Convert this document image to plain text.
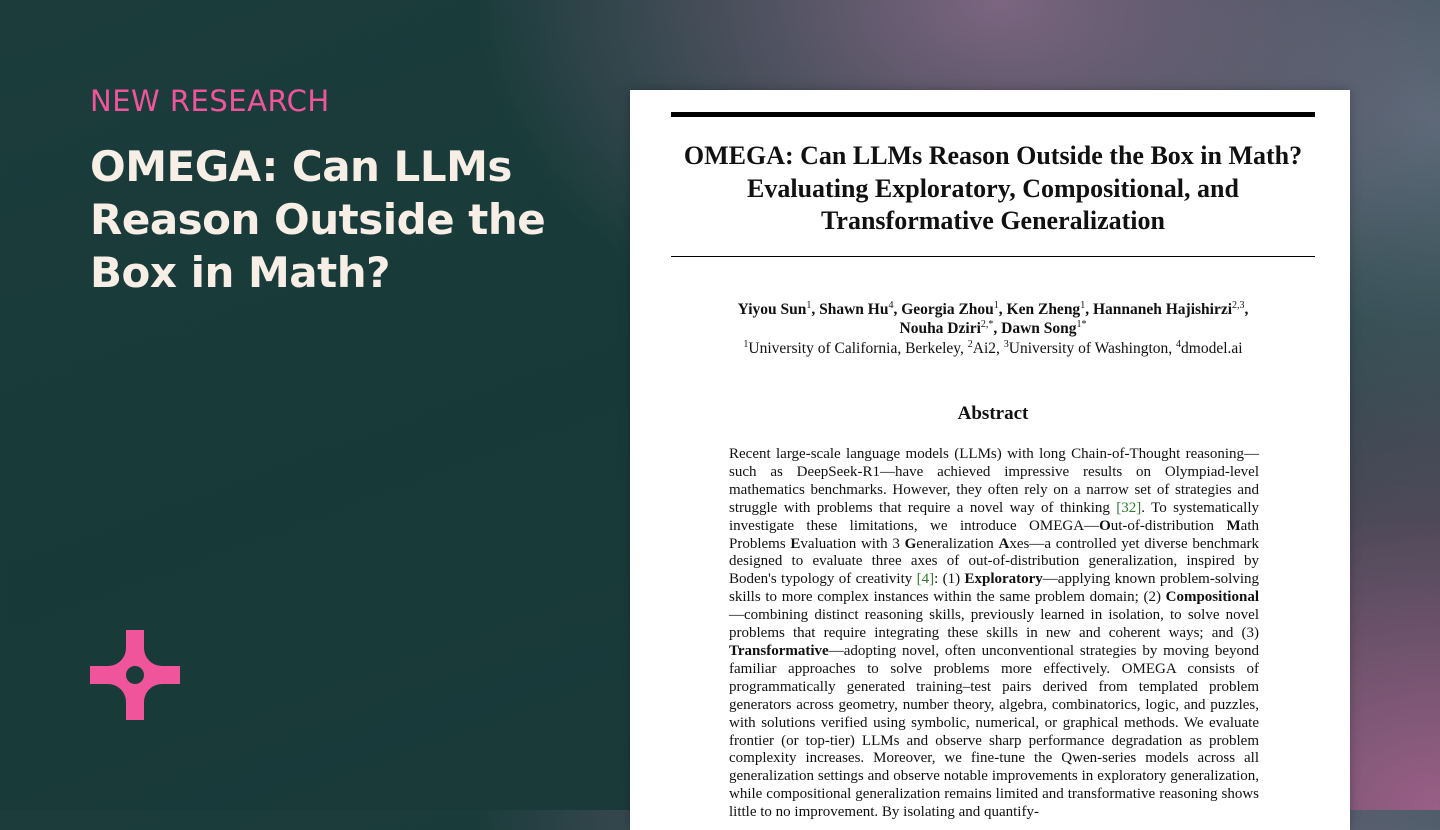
NEW RESEARCH
OMEGA: Can LLMs Reason Outside the Box in Math?
OMEGA: Can LLMs Reason Outside the Box in Math? Evaluating Exploratory, Compositional, and Transformative Generalization
Yiyou Sun$^1$, Shawn Hu$^4$, Georgia Zhou$^1$, Ken Zheng$^1$, Hannaneh Hajishirzi$^{2,3}$,
Nouha Dziri$^{2,*}$, Dawn Song$^{1*}$
$^1$University of California, Berkeley, $^2$Ai2, $^3$University of Washington, $^4$dmodel.ai
Abstract

Recent large-scale language models (LLMs) with long Chain-of-Thought reasoning—such as DeepSeek-R1—have achieved impressive results on Olympiad-level mathematics benchmarks. However, they often rely on a narrow set of strategies and struggle with problems that require a novel way of thinking [32]. To systematically investigate these limitations, we introduce OMEGA—Out-of-distribution Math Problems Evaluation with 3 Generalization Axes—a controlled yet diverse benchmark designed to evaluate three axes of out-of-distribution generalization, inspired by Boden's typology of creativity [4]: (1) Exploratory—applying known problem-solving skills to more complex instances within the same problem domain; (2) Compositional—combining distinct reasoning skills, previously learned in isolation, to solve novel problems that require integrating these skills in new and coherent ways; and (3) Transformative—adopting novel, often unconventional strategies by moving beyond familiar approaches to solve problems more effectively. OMEGA consists of programmatically generated training–test pairs derived from templated problem generators across geometry, number theory, algebra, combinatorics, logic, and puzzles, with solutions verified using symbolic, numerical, or graphical methods. We evaluate frontier (or top-tier) LLMs and observe sharp performance degradation as problem complexity increases. Moreover, we fine-tune the Qwen-series models across all generalization settings and observe notable improvements in exploratory generalization, while compositional generalization remains limited and transformative reasoning shows little to no improvement. By isolating and quantify-
